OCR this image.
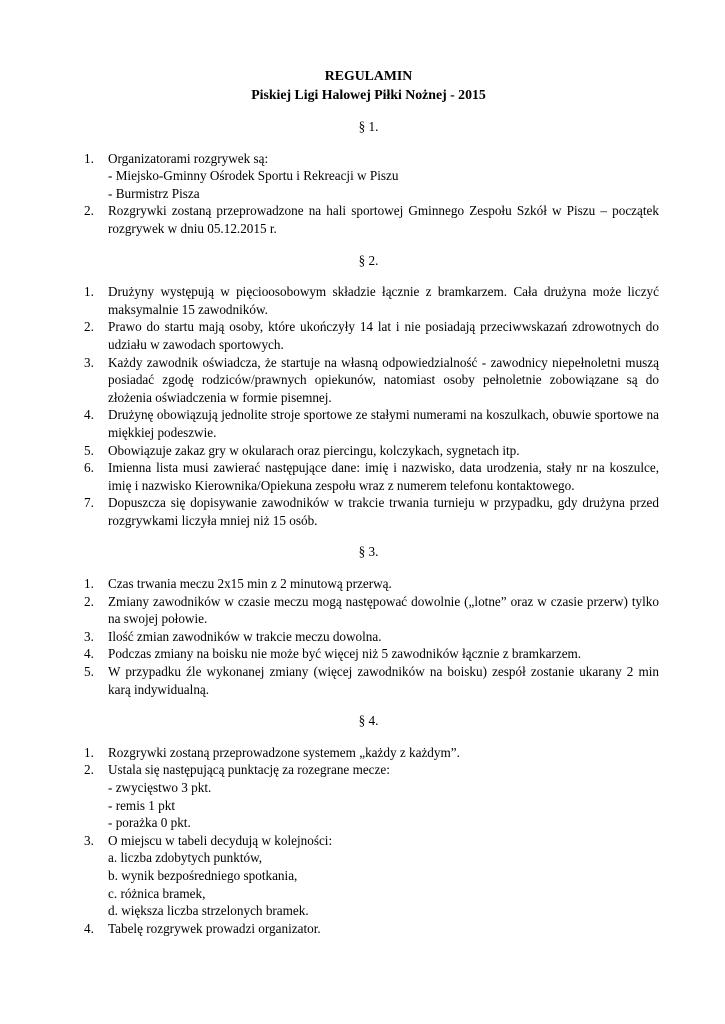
REGULAMIN
Piskiej Ligi Halowej Piłki Nożnej - 2015
§ 1.
1. Organizatorami rozgrywek są:
- Miejsko-Gminny Ośrodek Sportu i Rekreacji w Piszu
- Burmistrz Pisza
2. Rozgrywki zostaną przeprowadzone na hali sportowej Gminnego Zespołu Szkół w Piszu – początek rozgrywek w dniu 05.12.2015 r.
§ 2.
1. Drużyny występują w pięcioosobowym składzie łącznie z bramkarzem. Cała drużyna może liczyć maksymalnie 15 zawodników.
2. Prawo do startu mają osoby, które ukończyły 14 lat i nie posiadają przeciwwskazań zdrowotnych do udziału w zawodach sportowych.
3. Każdy zawodnik oświadcza, że startuje na własną odpowiedzialność - zawodnicy niepełnoletni muszą posiadać zgodę rodziców/prawnych opiekunów, natomiast osoby pełnoletnie zobowiązane są do złożenia oświadczenia w formie pisemnej.
4. Drużynę obowiązują jednolite stroje sportowe ze stałymi numerami na koszulkach, obuwie sportowe na miękkiej podeszwie.
5. Obowiązuje zakaz gry w okularach oraz piercingu, kolczykach, sygnetach itp.
6. Imienna lista musi zawierać następujące dane: imię i nazwisko, data urodzenia, stały nr na koszulce, imię i nazwisko Kierownika/Opiekuna zespołu wraz z numerem telefonu kontaktowego.
7. Dopuszcza się dopisywanie zawodników w trakcie trwania turnieju w przypadku, gdy drużyna przed rozgrywkami liczyła mniej niż 15 osób.
§ 3.
1. Czas trwania meczu 2x15 min z 2 minutową przerwą.
2. Zmiany zawodników w czasie meczu mogą następować dowolnie („lotne” oraz w czasie przerw) tylko na swojej połowie.
3. Ilość zmian zawodników w trakcie meczu dowolna.
4. Podczas zmiany na boisku nie może być więcej niż 5 zawodników łącznie z bramkarzem.
5. W przypadku źle wykonanej zmiany (więcej zawodników na boisku) zespół zostanie ukarany 2 min karą indywidualną.
§ 4.
1. Rozgrywki zostaną przeprowadzone systemem „każdy z każdym”.
2. Ustala się następującą punktację za rozegrane mecze:
- zwycięstwo 3 pkt.
- remis 1 pkt
- porażka 0 pkt.
3. O miejscu w tabeli decydują w kolejności:
a. liczba zdobytych punktów,
b. wynik bezpośredniego spotkania,
c. różnica bramek,
d. większa liczba strzelonych bramek.
4. Tabelę rozgrywek prowadzi organizator.
